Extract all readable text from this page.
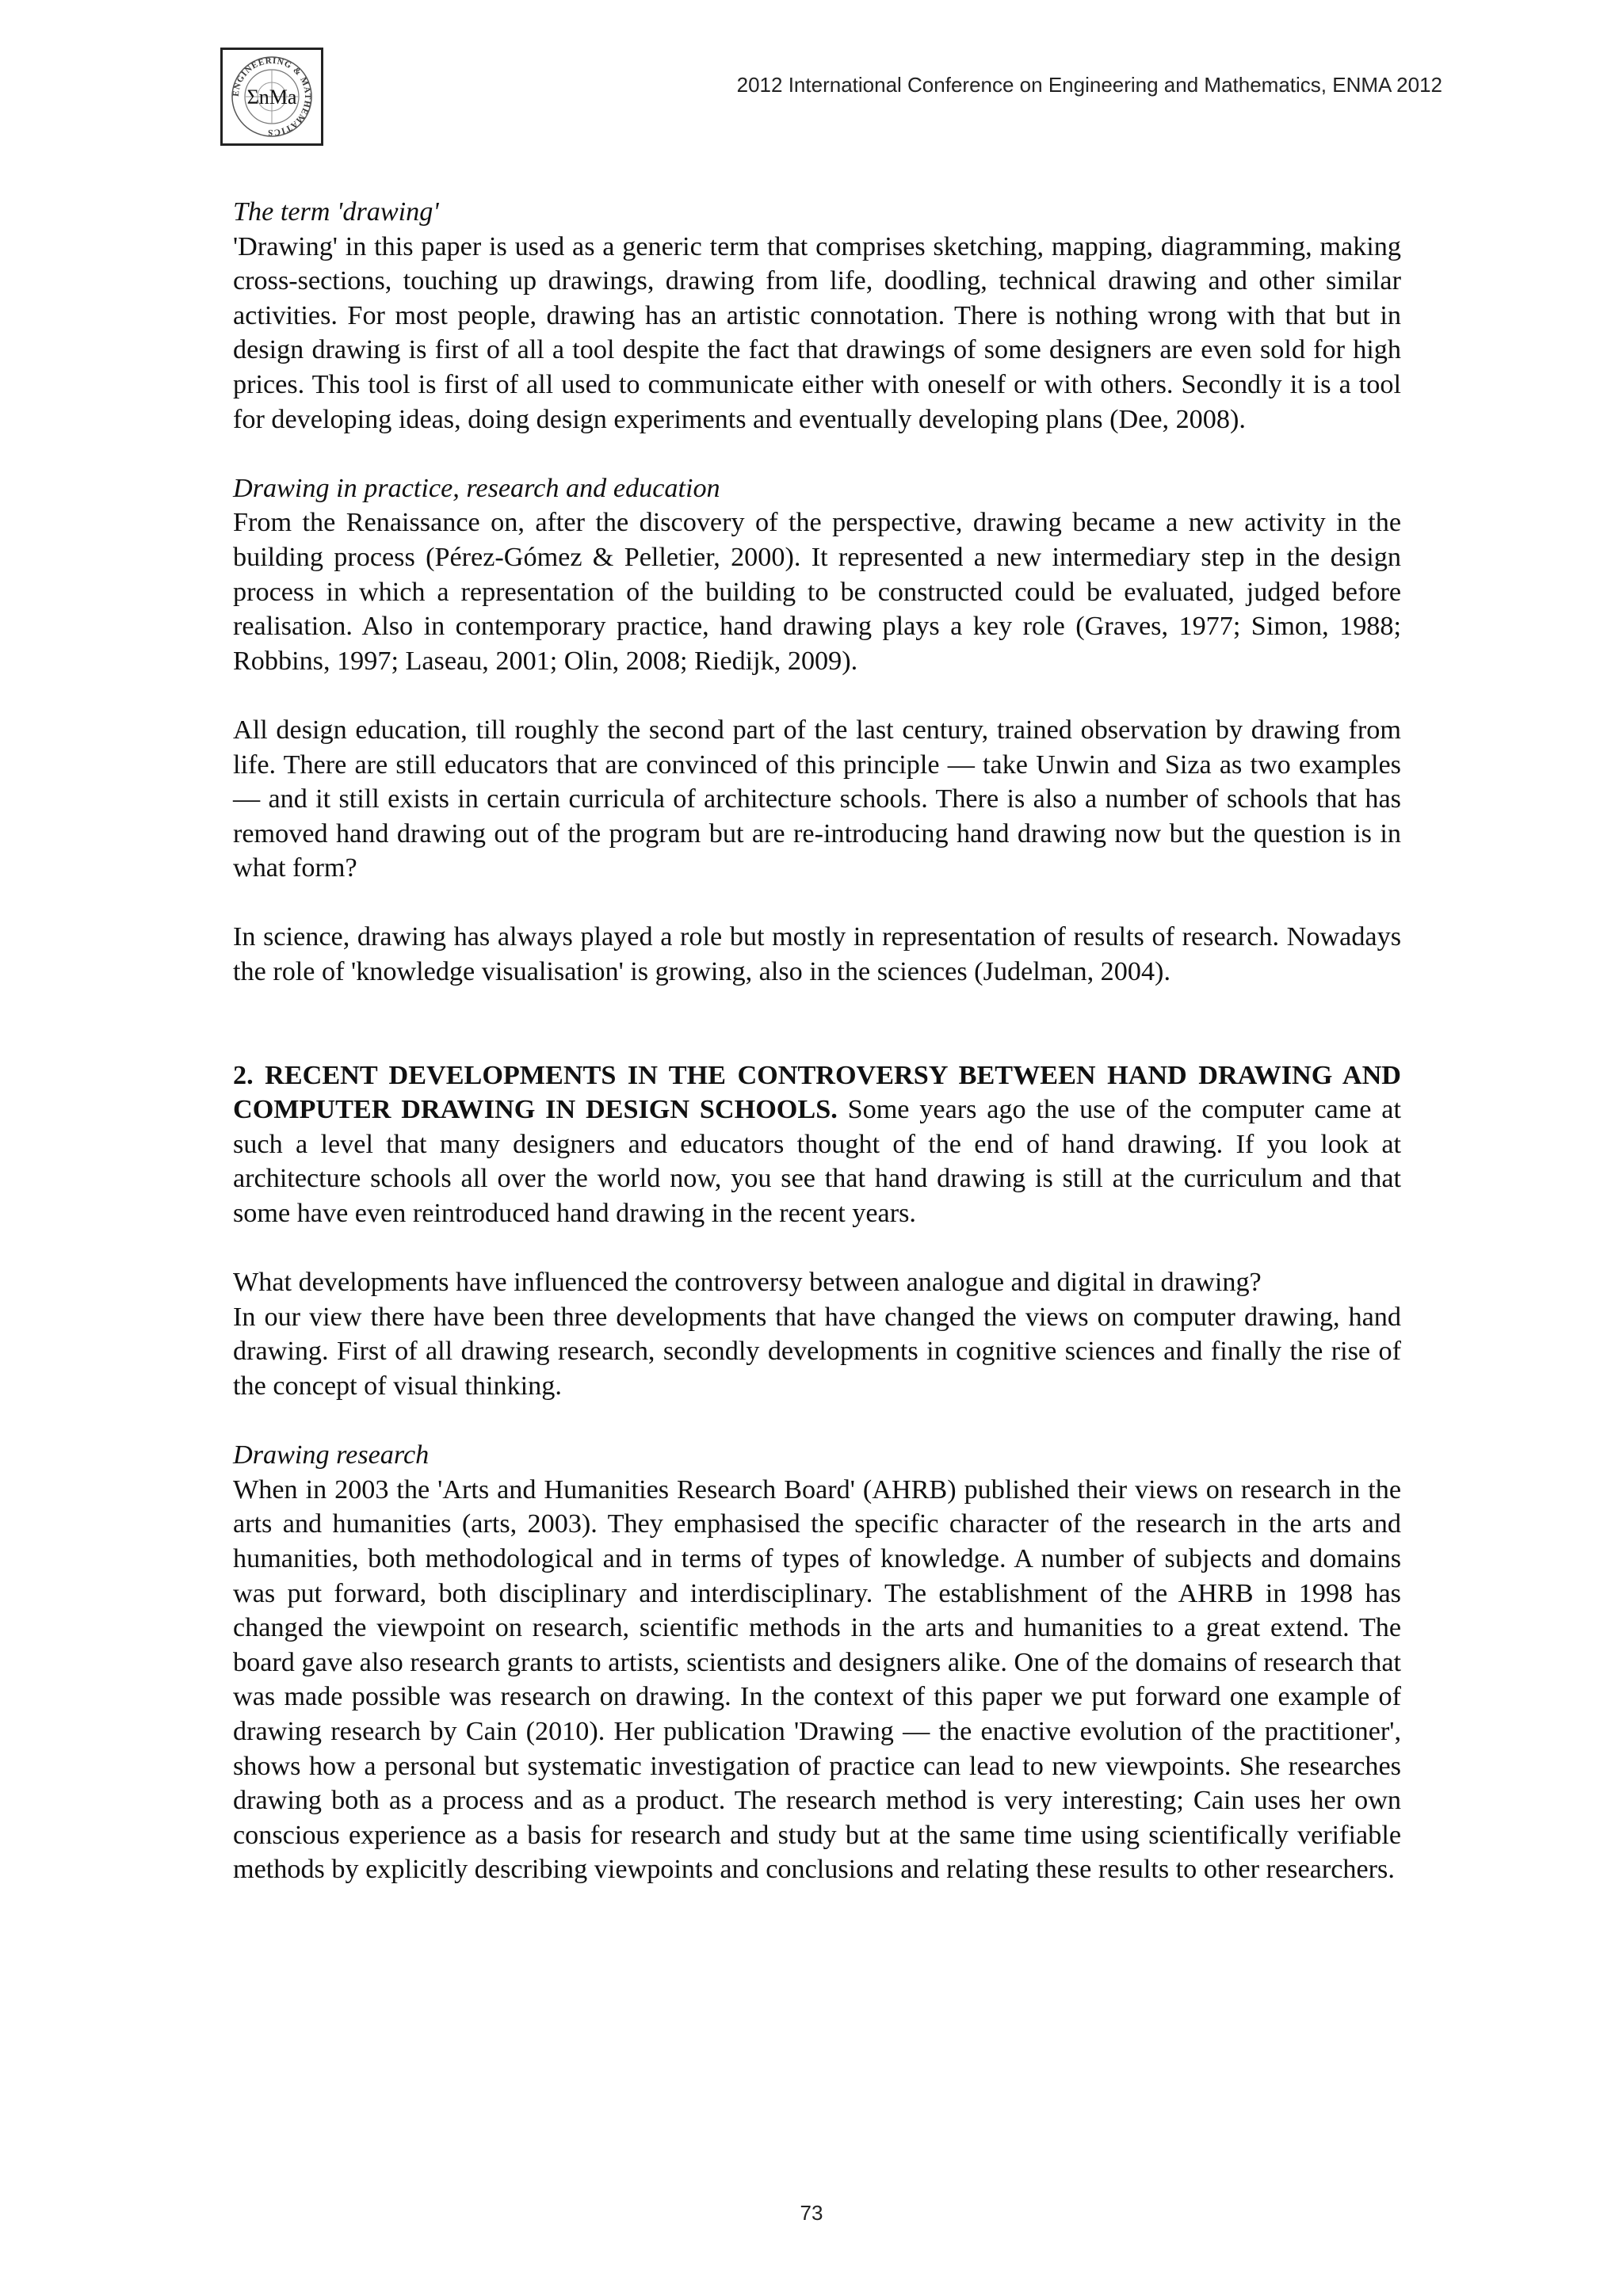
ENGINEERING & MATHEMATICS
ΣnMa
2012 International Conference on Engineering and Mathematics, ENMA 2012

The term 'drawing'

'Drawing' in this paper is used as a generic term that comprises sketching, mapping, diagramming, making cross-sections, touching up drawings, drawing from life, doodling, technical drawing and other similar activities. For most people, drawing has an artistic connotation. There is nothing wrong with that but in design drawing is first of all a tool despite the fact that drawings of some designers are even sold for high prices. This tool is first of all used to communicate either with oneself or with others. Secondly it is a tool for developing ideas, doing design experiments and eventually developing plans (Dee, 2008).

Drawing in practice, research and education

From the Renaissance on, after the discovery of the perspective, drawing became a new activity in the building process (Pérez-Gómez & Pelletier, 2000). It represented a new intermediary step in the design process in which a representation of the building to be constructed could be evaluated, judged before realisation. Also in contemporary practice, hand drawing plays a key role (Graves, 1977; Simon, 1988; Robbins, 1997; Laseau, 2001; Olin, 2008; Riedijk, 2009).

All design education, till roughly the second part of the last century, trained observation by drawing from life. There are still educators that are convinced of this principle — take Unwin and Siza as two examples — and it still exists in certain curricula of architecture schools. There is also a number of schools that has removed hand drawing out of the program but are re-introducing hand drawing now but the question is in what form?

In science, drawing has always played a role but mostly in representation of results of research. Nowadays the role of 'knowledge visualisation' is growing, also in the sciences (Judelman, 2004).

2. RECENT DEVELOPMENTS IN THE CONTROVERSY BETWEEN HAND DRAWING AND COMPUTER DRAWING IN DESIGN SCHOOLS. Some years ago the use of the computer came at such a level that many designers and educators thought of the end of hand drawing. If you look at architecture schools all over the world now, you see that hand drawing is still at the curriculum and that some have even reintroduced hand drawing in the recent years.

What developments have influenced the controversy between analogue and digital in drawing?

In our view there have been three developments that have changed the views on computer drawing, hand drawing. First of all drawing research, secondly developments in cognitive sciences and finally the rise of the concept of visual thinking.

Drawing research

When in 2003 the 'Arts and Humanities Research Board' (AHRB) published their views on research in the arts and humanities (arts, 2003). They emphasised the specific character of the research in the arts and humanities, both methodological and in terms of types of knowledge. A number of subjects and domains was put forward, both disciplinary and interdisciplinary. The establishment of the AHRB in 1998 has changed the viewpoint on research, scientific methods in the arts and humanities to a great extend. The board gave also research grants to artists, scientists and designers alike. One of the domains of research that was made possible was research on drawing. In the context of this paper we put forward one example of drawing research by Cain (2010). Her publication 'Drawing — the enactive evolution of the practitioner', shows how a personal but systematic investigation of practice can lead to new viewpoints. She researches drawing both as a process and as a product. The research method is very interesting; Cain uses her own conscious experience as a basis for research and study but at the same time using scientifically verifiable methods by explicitly describing viewpoints and conclusions and relating these results to other researchers.

73
